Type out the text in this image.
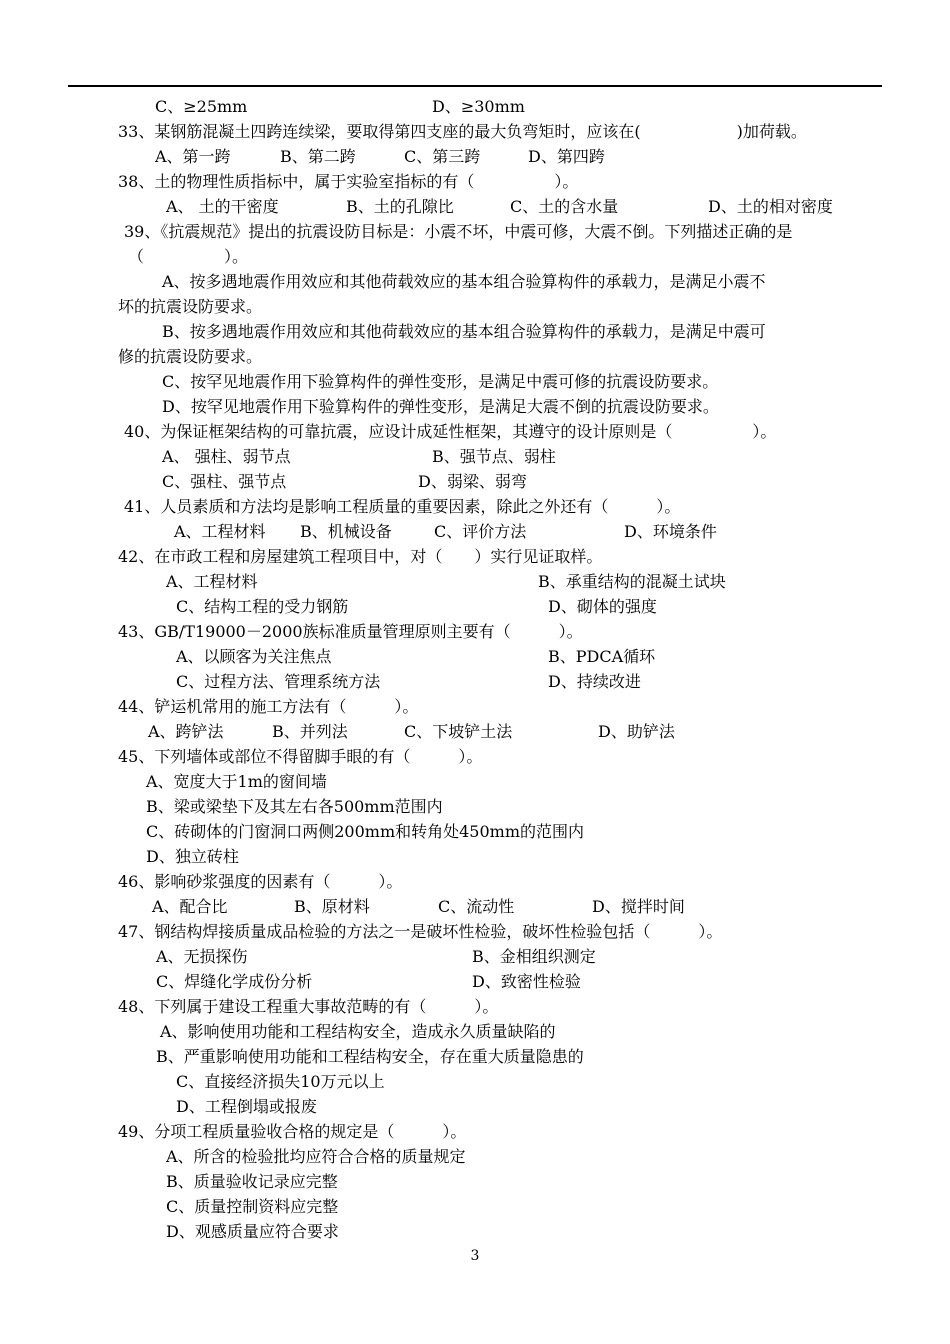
C、≥25mm	D、≥30mm
33、某钢筋混凝土四跨连续梁，要取得第四支座的最大负弯矩时，应该在(　　　　　　)加荷载。
A、第一跨	B、第二跨	C、第三跨	D、第四跨
38、土的物理性质指标中，属于实验室指标的有（　　　　　）。
A、 土的干密度	B、土的孔隙比	C、土的含水量	D、土的相对密度
39、《抗震规范》提出的抗震设防目标是：小震不坏，中震可修，大震不倒。下列描述正确的是
（　　　　　）。
A、按多遇地震作用效应和其他荷载效应的基本组合验算构件的承载力，是满足小震不
坏的抗震设防要求。
B、按多遇地震作用效应和其他荷载效应的基本组合验算构件的承载力，是满足中震可
修的抗震设防要求。
C、按罕见地震作用下验算构件的弹性变形，是满足中震可修的抗震设防要求。
D、按罕见地震作用下验算构件的弹性变形，是满足大震不倒的抗震设防要求。
40、为保证框架结构的可靠抗震，应设计成延性框架，其遵守的设计原则是（　　　　　）。
A、 强柱、弱节点	B、强节点、弱柱
C、强柱、强节点	D、弱梁、弱弯
41、人员素质和方法均是影响工程质量的重要因素，除此之外还有（　　　）。
A、工程材料 B、机械设备	C、评价方法	D、环境条件
42、在市政工程和房屋建筑工程项目中，对（　　）实行见证取样。
A、工程材料	B、承重结构的混凝土试块
C、结构工程的受力钢筋	D、砌体的强度
43、GB/T19000－2000族标准质量管理原则主要有（　　　）。
A、以顾客为关注焦点	B、PDCA循环
C、过程方法、管理系统方法	D、持续改进
44、铲运机常用的施工方法有（　　　）。
A、跨铲法	B、并列法	C、下坡铲土法	D、助铲法
45、下列墙体或部位不得留脚手眼的有（　　　）。
A、宽度大于1m的窗间墙
B、梁或梁垫下及其左右各500mm范围内
C、砖砌体的门窗洞口两侧200mm和转角处450mm的范围内
D、独立砖柱
46、影响砂浆强度的因素有（　　　）。
A、配合比	B、原材料	C、流动性	D、搅拌时间
47、钢结构焊接质量成品检验的方法之一是破坏性检验，破坏性检验包括（　　　）。
A、无损探伤	B、金相组织测定
C、焊缝化学成份分析	D、致密性检验
48、下列属于建设工程重大事故范畴的有（　　　）。
A、影响使用功能和工程结构安全，造成永久质量缺陷的
B、严重影响使用功能和工程结构安全，存在重大质量隐患的
C、直接经济损失10万元以上
D、工程倒塌或报废
49、分项工程质量验收合格的规定是（　　　）。
A、所含的检验批均应符合合格的质量规定
B、质量验收记录应完整
C、质量控制资料应完整
D、观感质量应符合要求
3
